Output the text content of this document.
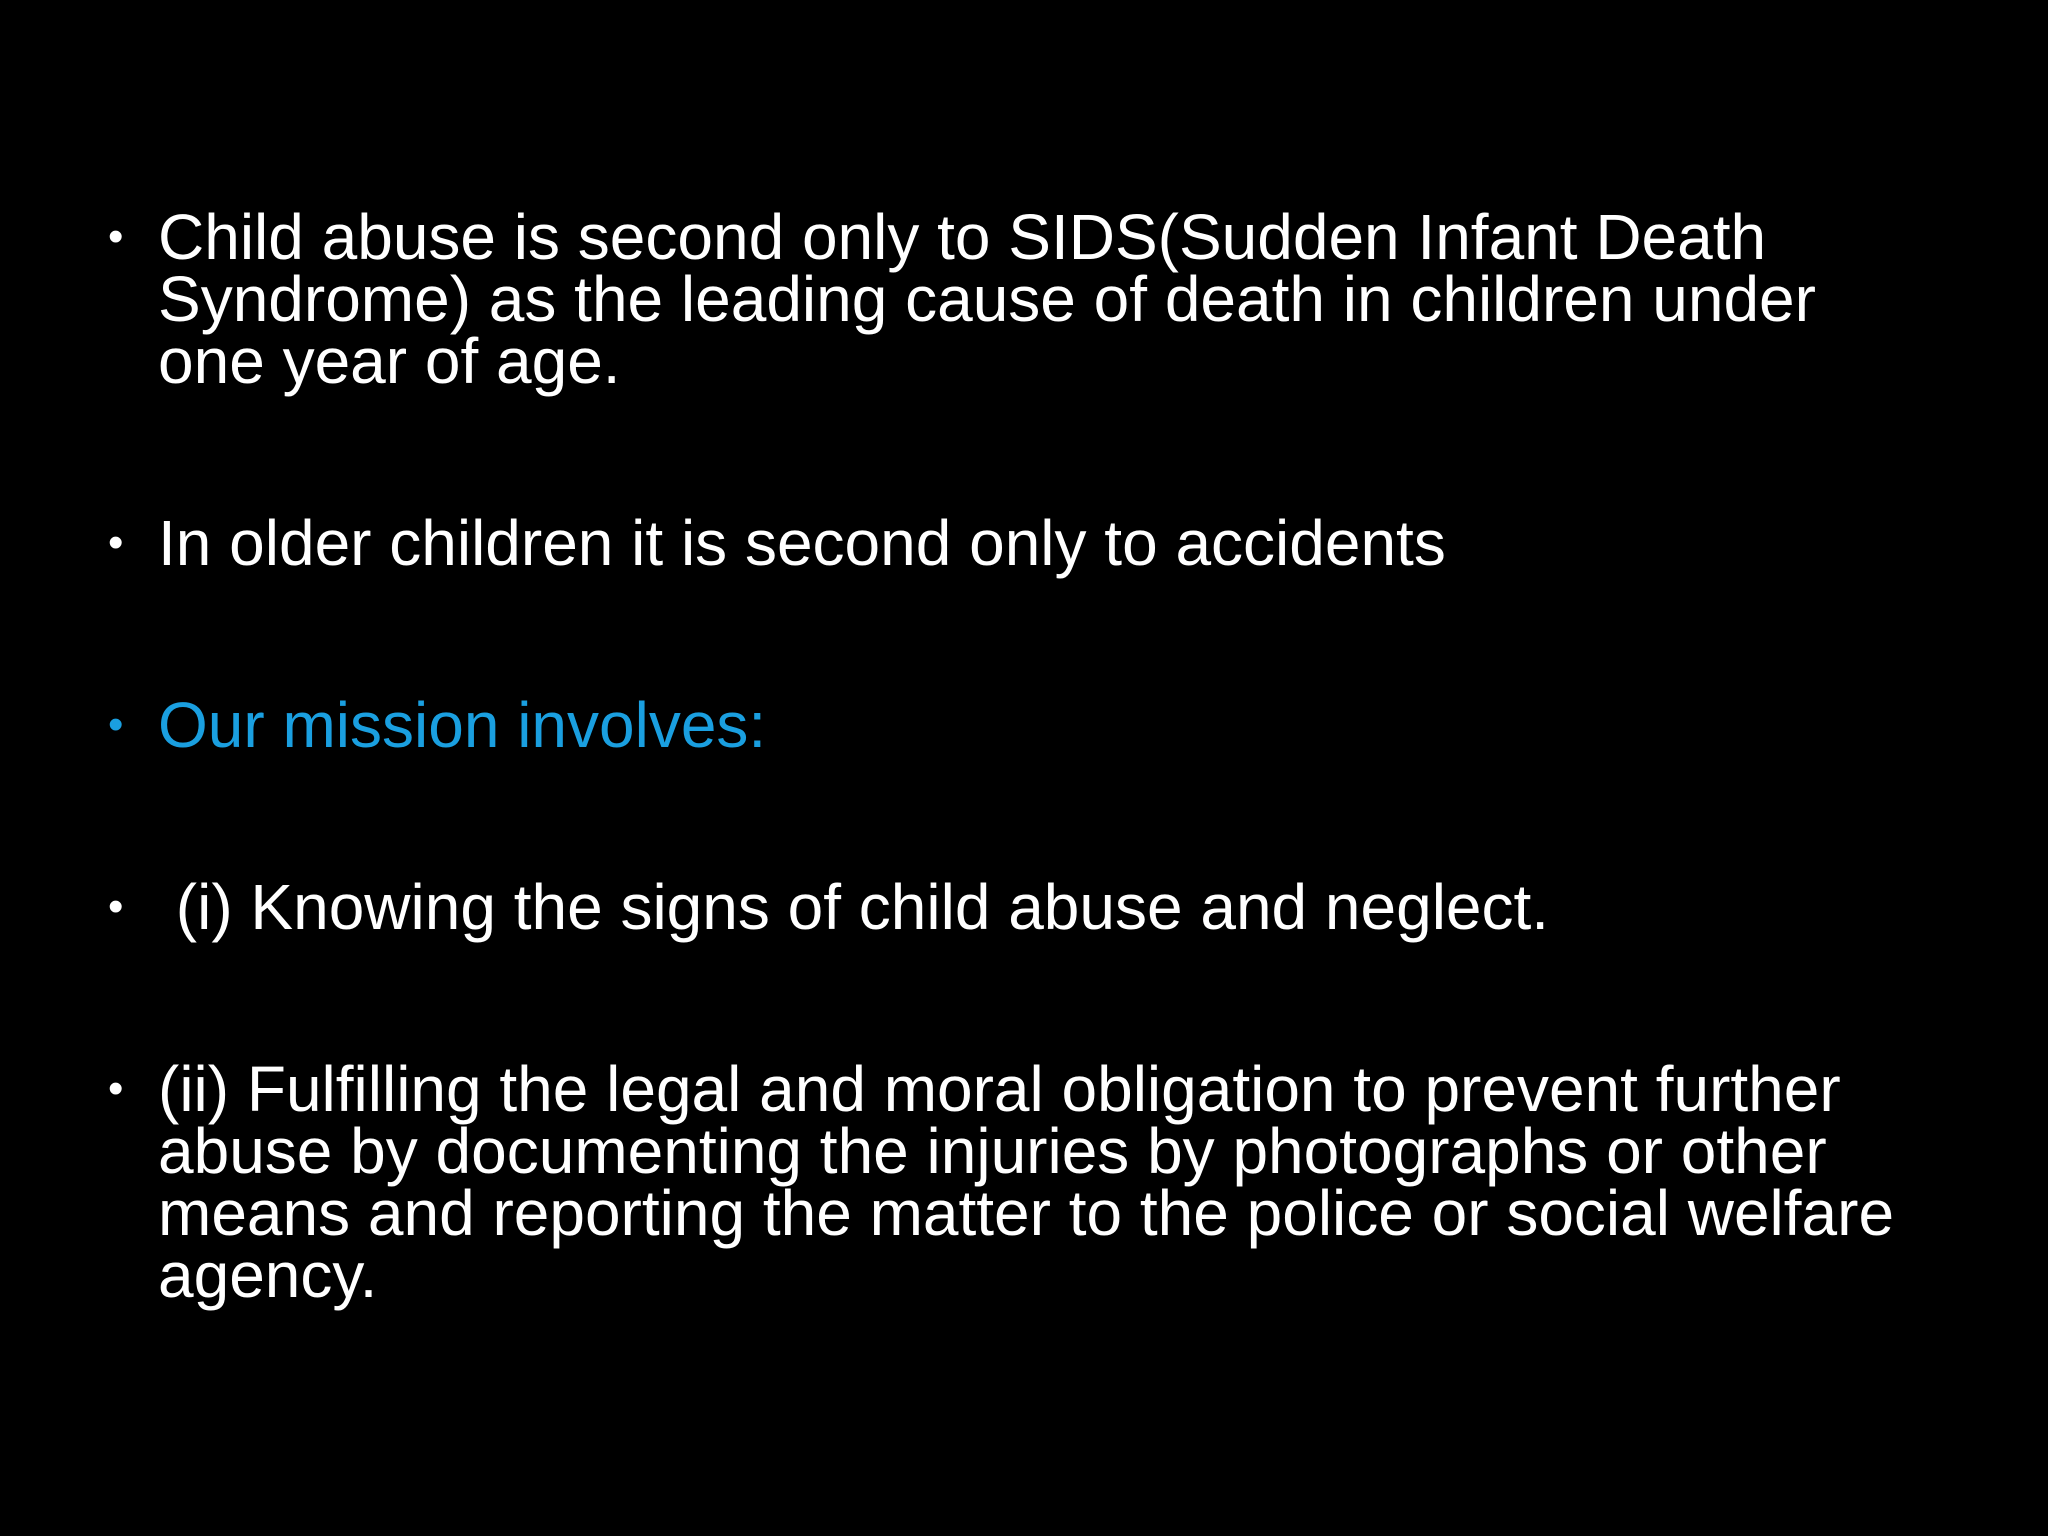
• Child abuse is second only to SIDS(Sudden Infant Death Syndrome) as the leading cause of death in children under one year of age.
• In older children it is second only to accidents
• Our mission involves:
• (i) Knowing the signs of child abuse and neglect.
• (ii) Fulfilling the legal and moral obligation to prevent further abuse by documenting the injuries by photographs or other means and reporting the matter to the police or social welfare agency.
